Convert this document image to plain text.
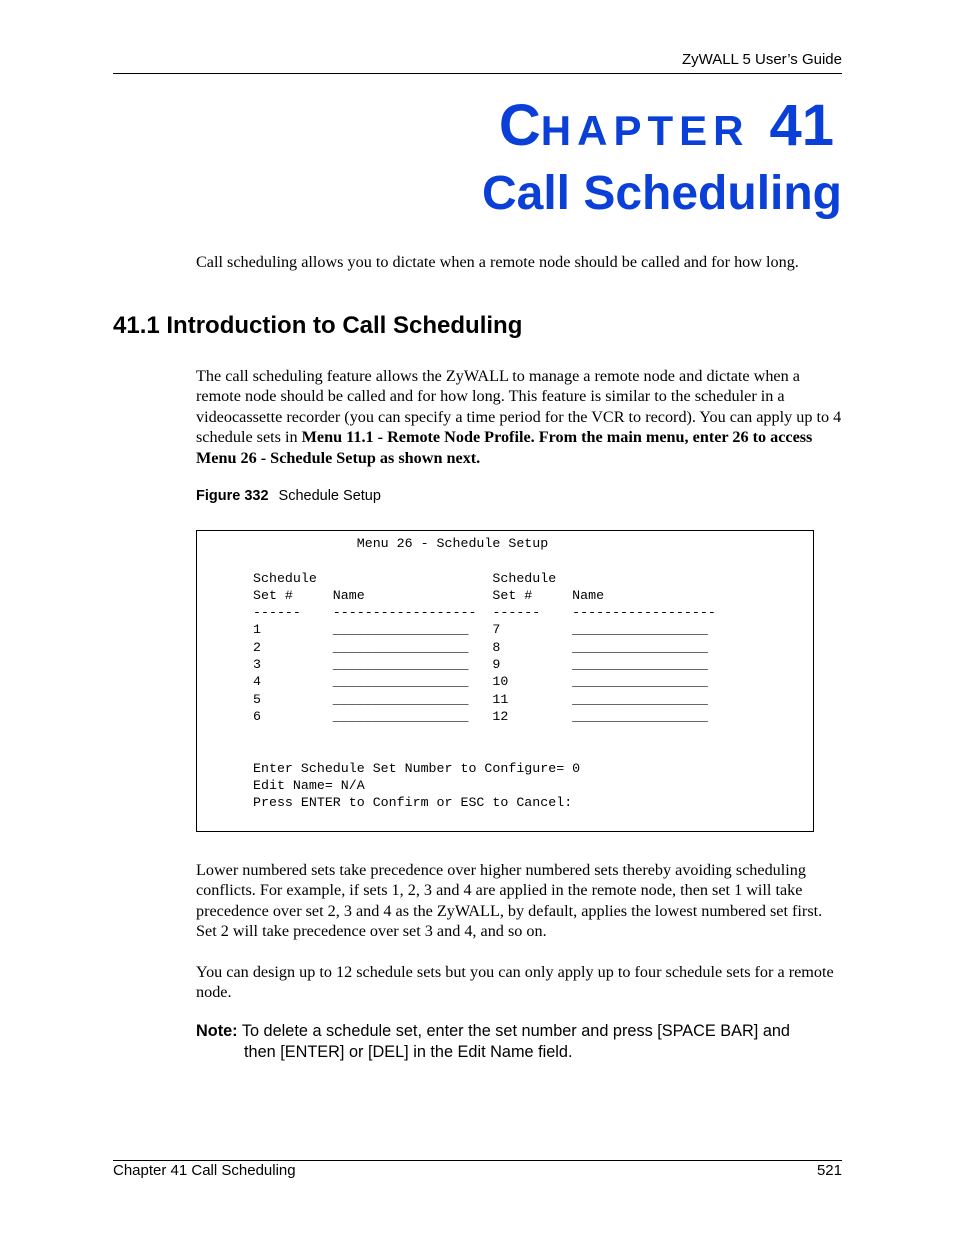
ZyWALL 5 User’s Guide
CHAPTER 41
Call Scheduling
Call scheduling allows you to dictate when a remote node should be called and for how long.
41.1 Introduction to Call Scheduling
The call scheduling feature allows the ZyWALL to manage a remote node and dictate when a remote node should be called and for how long. This feature is similar to the scheduler in a videocassette recorder (you can specify a time period for the VCR to record). You can apply up to 4 schedule sets in Menu 11.1 - Remote Node Profile. From the main menu, enter 26 to access Menu 26 - Schedule Setup as shown next.
Figure 332 Schedule Setup
Menu 26 - Schedule Setup

Schedule                      Schedule
Set #     Name                Set #     Name
------    ------------------  ------    ------------------
1         _________________   7         _________________
2         _________________   8         _________________
3         _________________   9         _________________
4         _________________   10        _________________
5         _________________   11        _________________
6         _________________   12        _________________

Enter Schedule Set Number to Configure= 0
Edit Name= N/A
Press ENTER to Confirm or ESC to Cancel:
Lower numbered sets take precedence over higher numbered sets thereby avoiding scheduling conflicts. For example, if sets 1, 2, 3 and 4 are applied in the remote node, then set 1 will take precedence over set 2, 3 and 4 as the ZyWALL, by default, applies the lowest numbered set first. Set 2 will take precedence over set 3 and 4, and so on.
You can design up to 12 schedule sets but you can only apply up to four schedule sets for a remote node.
Note: To delete a schedule set, enter the set number and press [SPACE BAR] and
then [ENTER] or [DEL] in the Edit Name field.
Chapter 41 Call Scheduling	521
